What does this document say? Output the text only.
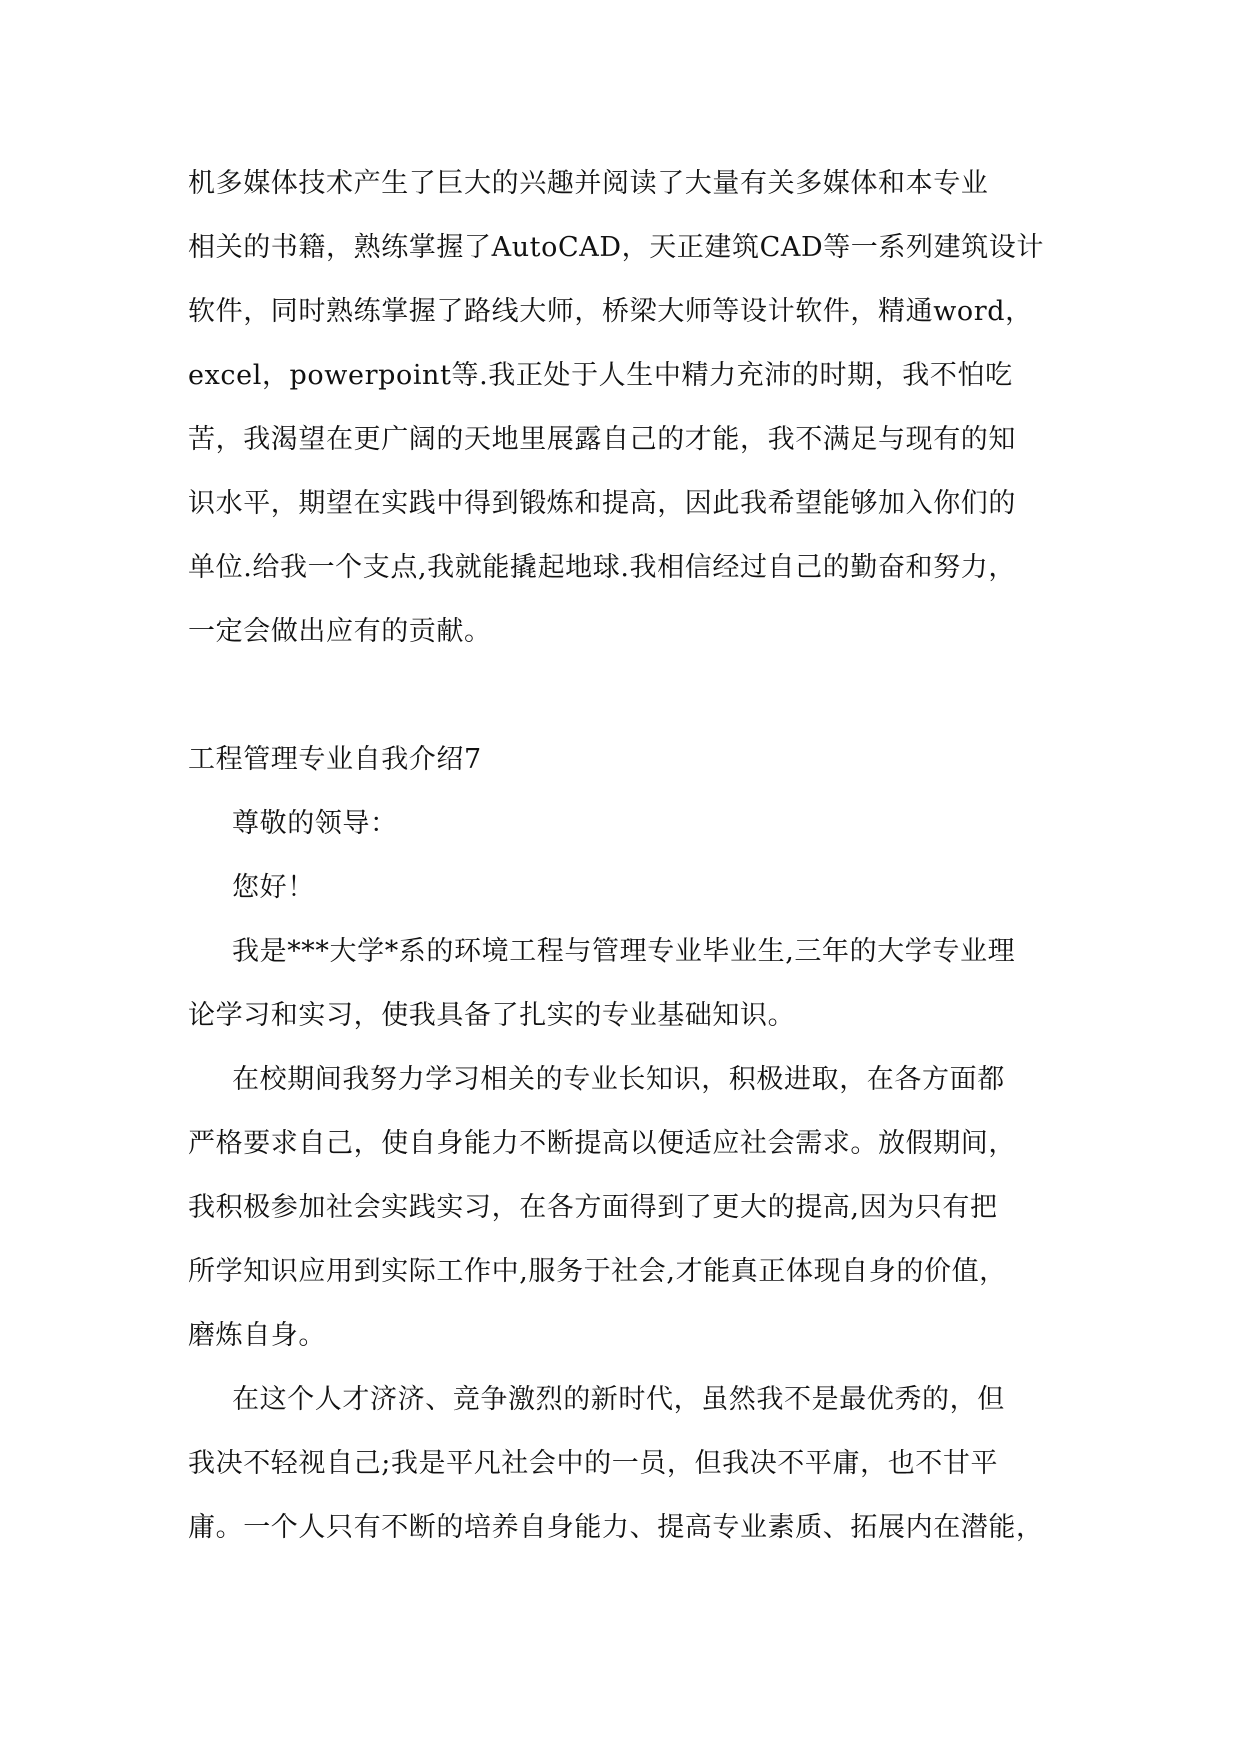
机多媒体技术产生了巨大的兴趣并阅读了大量有关多媒体和本专业
相关的书籍，熟练掌握了AutoCAD，天正建筑CAD等一系列建筑设计
软件，同时熟练掌握了路线大师，桥梁大师等设计软件，精通word，
excel，powerpoint等.我正处于人生中精力充沛的时期，我不怕吃
苦，我渴望在更广阔的天地里展露自己的才能，我不满足与现有的知
识水平，期望在实践中得到锻炼和提高，因此我希望能够加入你们的
单位.给我一个支点,我就能撬起地球.我相信经过自己的勤奋和努力，
一定会做出应有的贡献。
工程管理专业自我介绍7
尊敬的领导：
您好！
我是***大学*系的环境工程与管理专业毕业生,三年的大学专业理
论学习和实习，使我具备了扎实的专业基础知识。
在校期间我努力学习相关的专业长知识，积极进取，在各方面都
严格要求自己，使自身能力不断提高以便适应社会需求。放假期间，
我积极参加社会实践实习，在各方面得到了更大的提高,因为只有把
所学知识应用到实际工作中,服务于社会,才能真正体现自身的价值，
磨炼自身。
在这个人才济济、竞争激烈的新时代，虽然我不是最优秀的，但
我决不轻视自己;我是平凡社会中的一员，但我决不平庸，也不甘平
庸。一个人只有不断的培养自身能力、提高专业素质、拓展内在潜能，
